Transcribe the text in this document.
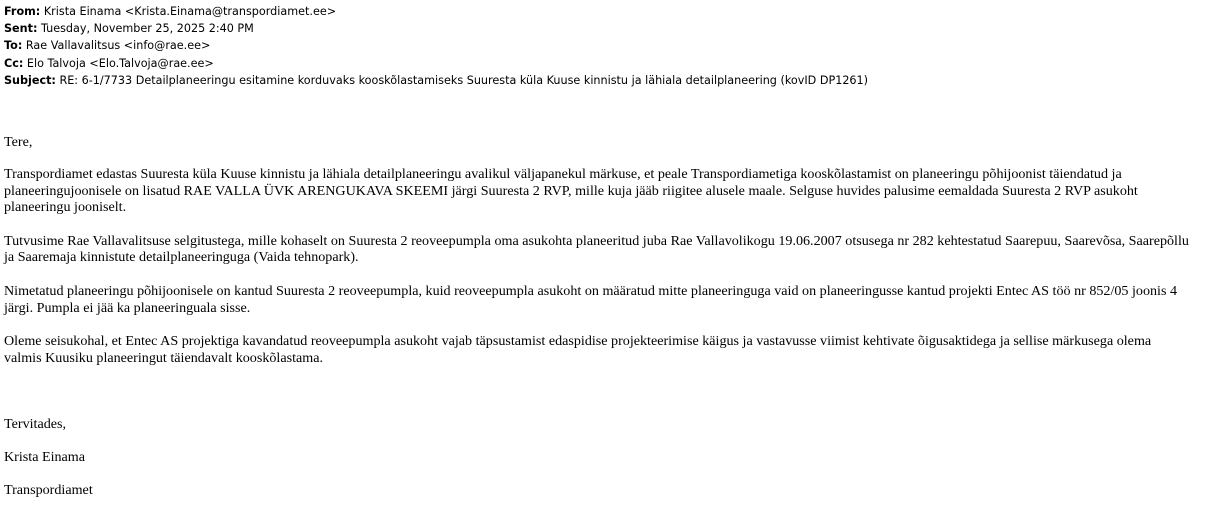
From: Krista Einama <Krista.Einama@transpordiamet.ee>
Sent: Tuesday, November 25, 2025 2:40 PM
To: Rae Vallavalitsus <info@rae.ee>
Cc: Elo Talvoja <Elo.Talvoja@rae.ee>
Subject: RE: 6-1/7733 Detailplaneeringu esitamine korduvaks kooskõlastamiseks Suuresta küla Kuuse kinnistu ja lähiala detailplaneering (kovID DP1261)

Tere,

Transpordiamet edastas Suuresta küla Kuuse kinnistu ja lähiala detailplaneeringu avalikul väljapanekul märkuse, et peale Transpordiametiga kooskõlastamist on planeeringu põhijoonist täiendatud ja
planeeringujoonisele on lisatud RAE VALLA ÜVK ARENGUKAVA SKEEMI järgi Suuresta 2 RVP, mille kuja jääb riigitee alusele maale. Selguse huvides palusime eemaldada Suuresta 2 RVP asukoht
planeeringu jooniselt.

Tutvusime Rae Vallavalitsuse selgitustega, mille kohaselt on Suuresta 2 reoveepumpla oma asukohta planeeritud juba Rae Vallavolikogu 19.06.2007 otsusega nr 282 kehtestatud Saarepuu, Saarevõsa, Saarepõllu
ja Saaremaja kinnistute detailplaneeringuga (Vaida tehnopark).

Nimetatud planeeringu põhijoonisele on kantud Suuresta 2 reoveepumpla, kuid reoveepumpla asukoht on määratud mitte planeeringuga vaid on planeeringusse kantud projekti Entec AS töö nr 852/05 joonis 4
järgi. Pumpla ei jää ka planeeringuala sisse.

Oleme seisukohal, et Entec AS projektiga kavandatud reoveepumpla asukoht vajab täpsustamist edaspidise projekteerimise käigus ja vastavusse viimist kehtivate õigusaktidega ja sellise märkusega olema
valmis Kuusiku planeeringut täiendavalt kooskõlastama.

Tervitades,

Krista Einama

Transpordiamet
